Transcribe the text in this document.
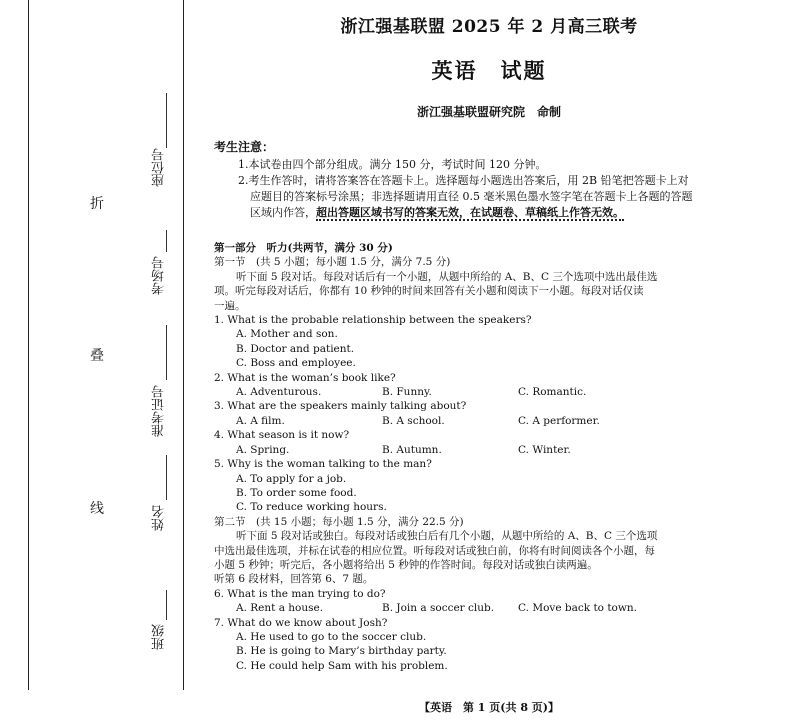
折
叠
线
座位号
考场号
准考证号
姓名
班级
浙江强基联盟 2025 年 2 月高三联考
英语　试题
浙江强基联盟研究院　命制
考生注意：
1.本试卷由四个部分组成。满分 150 分，考试时间 120 分钟。
2.考生作答时，请将答案答在答题卡上。选择题每小题选出答案后，用 2B 铅笔把答题卡上对
应题目的答案标号涂黑；非选择题请用直径 0.5 毫米黑色墨水签字笔在答题卡上各题的答题
区域内作答，超出答题区域书写的答案无效，在试题卷、草稿纸上作答无效。

第一部分　听力(共两节，满分 30 分)

第一节　(共 5 小题；每小题 1.5 分，满分 7.5 分)

听下面 5 段对话。每段对话后有一个小题，从题中所给的 A、B、C 三个选项中选出最佳选

项。听完每段对话后，你都有 10 秒钟的时间来回答有关小题和阅读下一小题。每段对话仅读

一遍。

1. What is the probable relationship between the speakers?

A. Mother and son.

B. Doctor and patient.

C. Boss and employee.

2. What is the woman’s book like?

A. Adventurous.	B. Funny.	C. Romantic.

3. What are the speakers mainly talking about?

A. A film.	B. A school.	C. A performer.

4. What season is it now?

A. Spring.	B. Autumn.	C. Winter.

5. Why is the woman talking to the man?

A. To apply for a job.

B. To order some food.

C. To reduce working hours.

第二节　(共 15 小题；每小题 1.5 分，满分 22.5 分)

听下面 5 段对话或独白。每段对话或独白后有几个小题，从题中所给的 A、B、C 三个选项

中选出最佳选项，并标在试卷的相应位置。听每段对话或独白前，你将有时间阅读各个小题，每

小题 5 秒钟；听完后，各小题将给出 5 秒钟的作答时间。每段对话或独白读两遍。

听第 6 段材料，回答第 6、7 题。

6. What is the man trying to do?

A. Rent a house.	B. Join a soccer club.	C. Move back to town.

7. What do we know about Josh?

A. He used to go to the soccer club.

B. He is going to Mary’s birthday party.

C. He could help Sam with his problem.

【英语　第 1 页(共 8 页)】
